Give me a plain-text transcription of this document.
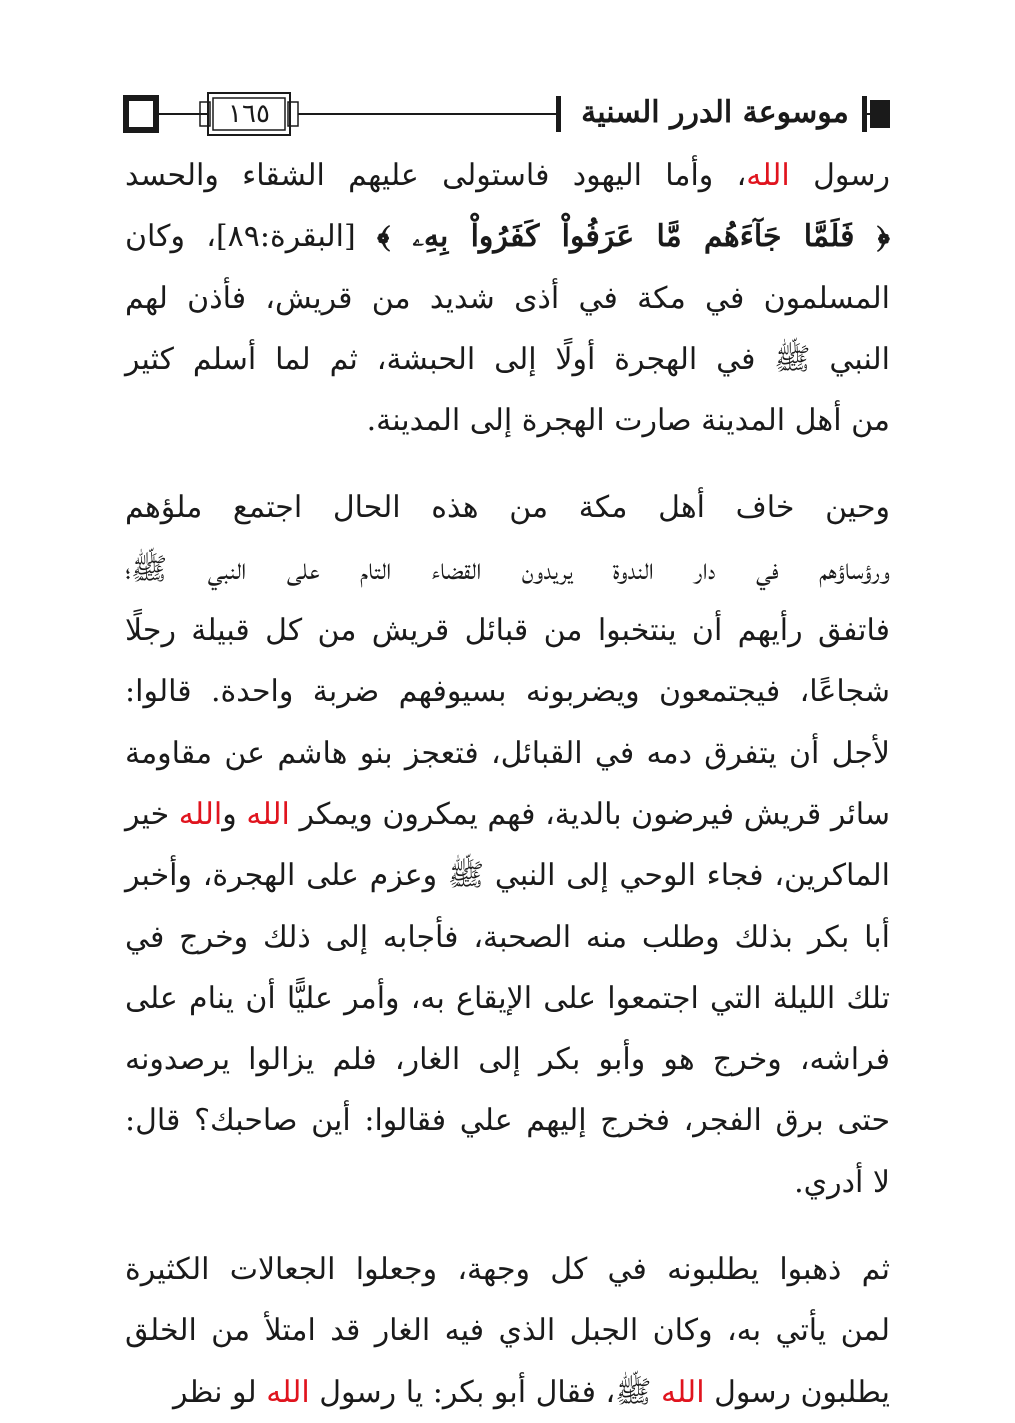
١٦٥	موسوعة الدرر السنية
رسول الله، وأما اليهود فاستولى عليهم الشقاء والحسد
﴿ فَلَمَّا جَآءَهُم مَّا عَرَفُواْ كَفَرُواْ بِهِۦ ﴾ [البقرة:٨٩]، وكان
المسلمون في مكة في أذى شديد من قريش، فأذن لهم
النبي ﷺ في الهجرة أولًا إلى الحبشة، ثم لما أسلم كثير
من أهل المدينة صارت الهجرة إلى المدينة.
وحين خاف أهل مكة من هذه الحال اجتمع ملؤهم
ورؤساؤهم في دار الندوة يريدون القضاء التام على النبي ﷺ؛
فاتفق رأيهم أن ينتخبوا من قبائل قريش من كل قبيلة رجلًا
شجاعًا، فيجتمعون ويضربونه بسيوفهم ضربة واحدة. قالوا:
لأجل أن يتفرق دمه في القبائل، فتعجز بنو هاشم عن مقاومة
سائر قريش فيرضون بالدية، فهم يمكرون ويمكر الله والله خير
الماكرين، فجاء الوحي إلى النبي ﷺ وعزم على الهجرة، وأخبر
أبا بكر بذلك وطلب منه الصحبة، فأجابه إلى ذلك وخرج في
تلك الليلة التي اجتمعوا على الإيقاع به، وأمر عليًّا أن ينام على
فراشه، وخرج هو وأبو بكر إلى الغار، فلم يزالوا يرصدونه
حتى برق الفجر، فخرج إليهم علي فقالوا: أين صاحبك؟ قال:
لا أدري.
ثم ذهبوا يطلبونه في كل وجهة، وجعلوا الجعالات الكثيرة
لمن يأتي به، وكان الجبل الذي فيه الغار قد امتلأ من الخلق
يطلبون رسول الله ﷺ، فقال أبو بكر: يا رسول الله لو نظر
